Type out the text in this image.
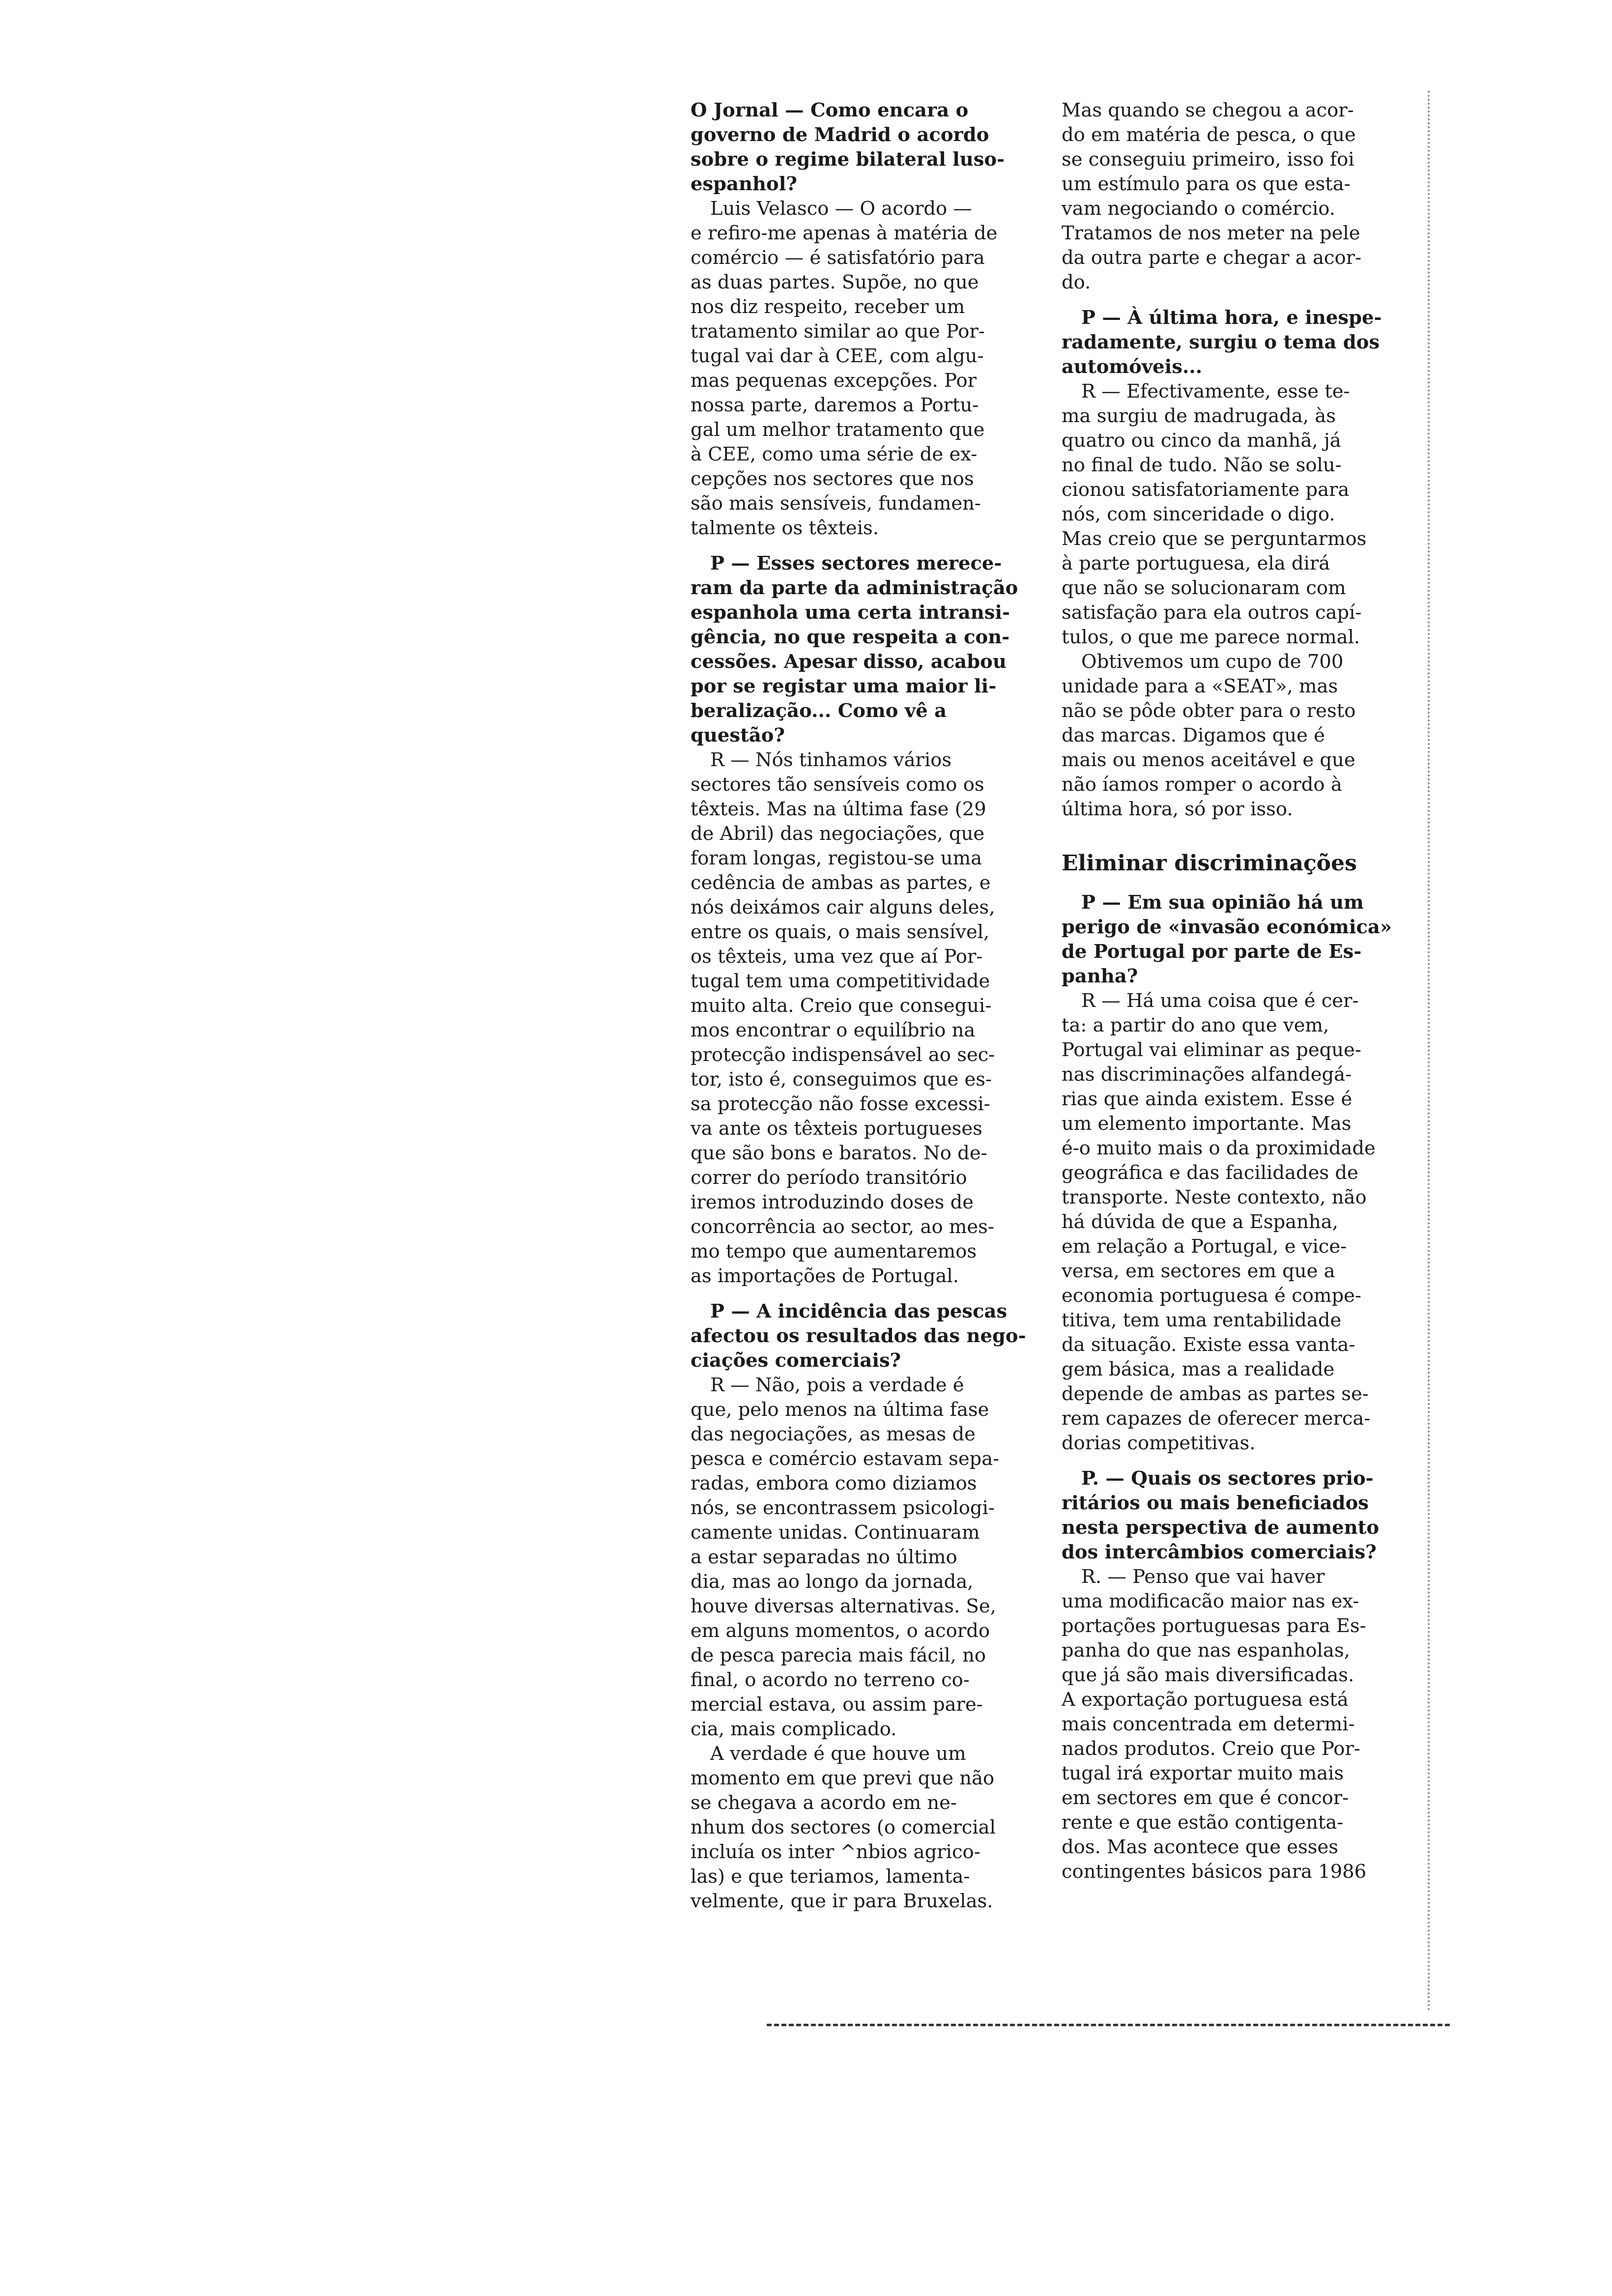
O Jornal — Como encara o
governo de Madrid o acordo
sobre o regime bilateral luso-
espanhol?

Luis Velasco — O acordo —
e refiro-me apenas à matéria de
comércio — é satisfatório para
as duas partes. Supõe, no que
nos diz respeito, receber um
tratamento similar ao que Por-
tugal vai dar à CEE, com algu-
mas pequenas excepções. Por
nossa parte, daremos a Portu-
gal um melhor tratamento que
à CEE, como uma série de ex-
cepções nos sectores que nos
são mais sensíveis, fundamen-
talmente os têxteis.

P — Esses sectores merece-
ram da parte da administração
espanhola uma certa intransi-
gência, no que respeita a con-
cessões. Apesar disso, acabou
por se registar uma maior li-
beralização... Como vê a questão?

R — Nós tinhamos vários
sectores tão sensíveis como os
têxteis. Mas na última fase (29
de Abril) das negociações, que
foram longas, registou-se uma
cedência de ambas as partes, e
nós deixámos cair alguns deles,
entre os quais, o mais sensível,
os têxteis, uma vez que aí Por-
tugal tem uma competitividade
muito alta. Creio que consegui-
mos encontrar o equilíbrio na
protecção indispensável ao sec-
tor, isto é, conseguimos que es-
sa protecção não fosse excessi-
va ante os têxteis portugueses
que são bons e baratos. No de-
correr do período transitório
iremos introduzindo doses de
concorrência ao sector, ao mes-
mo tempo que aumentaremos
as importações de Portugal.

P — A incidência das pescas
afectou os resultados das nego-
ciações comerciais?

R — Não, pois a verdade é
que, pelo menos na última fase
das negociações, as mesas de
pesca e comércio estavam sepa-
radas, embora como diziamos
nós, se encontrassem psicologi-
camente unidas. Continuaram
a estar separadas no último
dia, mas ao longo da jornada,
houve diversas alternativas. Se,
em alguns momentos, o acordo
de pesca parecia mais fácil, no
final, o acordo no terreno co-
mercial estava, ou assim pare-
cia, mais complicado.

A verdade é que houve um
momento em que previ que não
se chegava a acordo em ne-
nhum dos sectores (o comercial
incluía os inter ^nbios agrico-
las) e que teriamos, lamenta-
velmente, que ir para Bruxelas.

Mas quando se chegou a acor-
do em matéria de pesca, o que
se conseguiu primeiro, isso foi
um estímulo para os que esta-
vam negociando o comércio.
Tratamos de nos meter na pele
da outra parte e chegar a acor-
do.

P — À última hora, e inespe-
radamente, surgiu o tema dos
automóveis...

R — Efectivamente, esse te-
ma surgiu de madrugada, às
quatro ou cinco da manhã, já
no final de tudo. Não se solu-
cionou satisfatoriamente para
nós, com sinceridade o digo.
Mas creio que se perguntarmos
à parte portuguesa, ela dirá
que não se solucionaram com
satisfação para ela outros capí-
tulos, o que me parece normal.

Obtivemos um cupo de 700
unidade para a «SEAT», mas
não se pôde obter para o resto
das marcas. Digamos que é
mais ou menos aceitável e que
não íamos romper o acordo à
última hora, só por isso.

Eliminar discriminações

P — Em sua opinião há um
perigo de «invasão económica»
de Portugal por parte de Es-
panha?

R — Há uma coisa que é cer-
ta: a partir do ano que vem,
Portugal vai eliminar as peque-
nas discriminações alfandegá-
rias que ainda existem. Esse é
um elemento importante. Mas
é-o muito mais o da proximidade
geográfica e das facilidades de
transporte. Neste contexto, não
há dúvida de que a Espanha,
em relação a Portugal, e vice-
versa, em sectores em que a
economia portuguesa é compe-
titiva, tem uma rentabilidade
da situação. Existe essa vanta-
gem básica, mas a realidade
depende de ambas as partes se-
rem capazes de oferecer merca-
dorias competitivas.

P. — Quais os sectores prio-
ritários ou mais beneficiados
nesta perspectiva de aumento
dos intercâmbios comerciais?

R. — Penso que vai haver
uma modificacão maior nas ex-
portações portuguesas para Es-
panha do que nas espanholas,
que já são mais diversificadas.
A exportação portuguesa está
mais concentrada em determi-
nados produtos. Creio que Por-
tugal irá exportar muito mais
em sectores em que é concor-
rente e que estão contigenta-
dos. Mas acontece que esses
contingentes básicos para 1986
